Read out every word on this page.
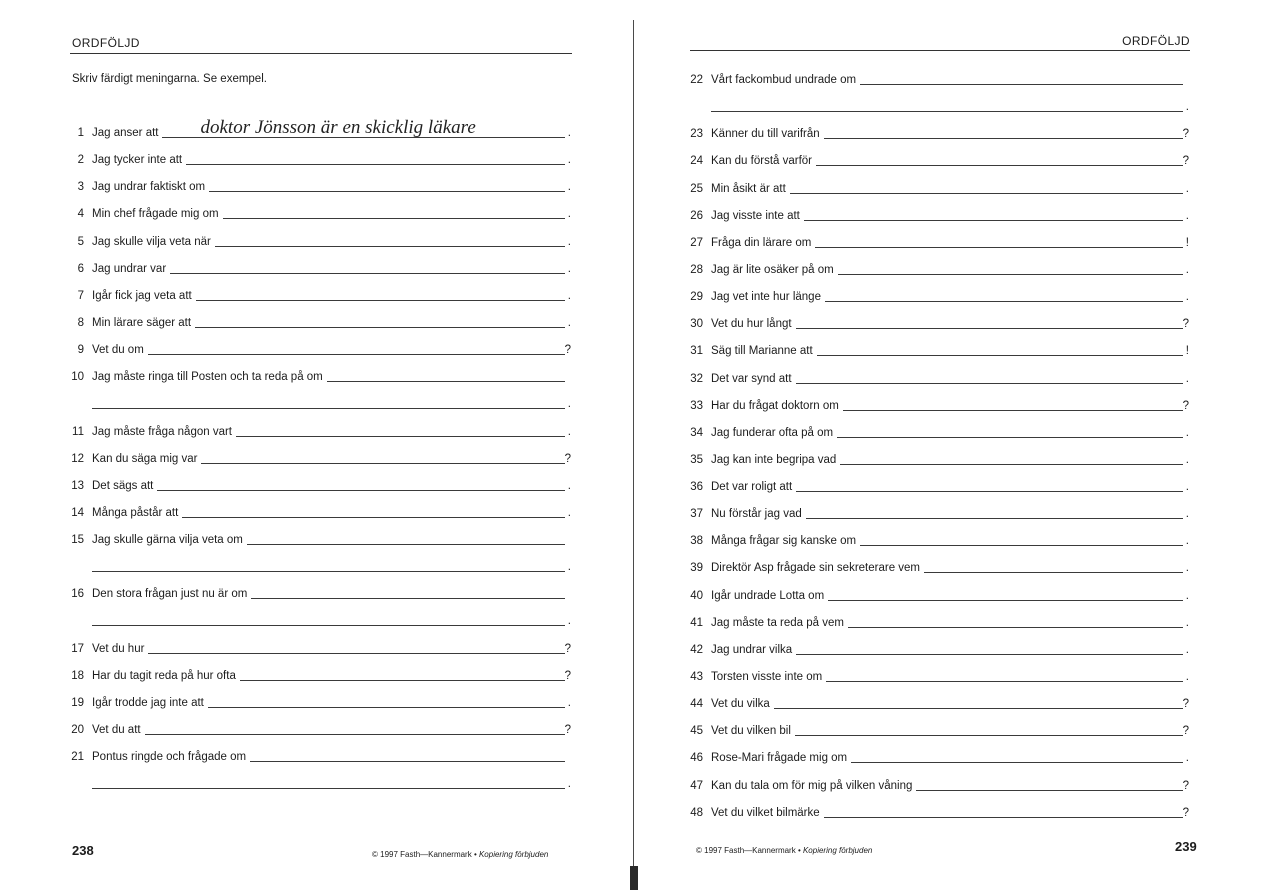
ORDFÖLJD
Skriv färdigt meningarna. Se exempel.
1 Jag anser att doktor Jönsson är en skicklig läkare	.
2 Jag tycker inte att	.
3 Jag undrar faktiskt om	.
4 Min chef frågade mig om	.
5 Jag skulle vilja veta när	.
6 Jag undrar var	.
7 Igår fick jag veta att	.
8 Min lärare säger att	.
9 Vet du om	?
10 Jag måste ringa till Posten och ta reda på om
.
11 Jag måste fråga någon vart	.
12 Kan du säga mig var	?
13 Det sägs att	.
14 Många påstår att	.
15 Jag skulle gärna vilja veta om
.
16 Den stora frågan just nu är om
.
17 Vet du hur	?
18 Har du tagit reda på hur ofta	?
19 Igår trodde jag inte att	.
20 Vet du att	?
21 Pontus ringde och frågade om
.
238	© 1997 Fasth—Kannermark • Kopiering förbjuden
ORDFÖLJD
22 Vårt fackombud undrade om
.
23 Känner du till varifrån	?
24 Kan du förstå varför	?
25 Min åsikt är att	.
26 Jag visste inte att	.
27 Fråga din lärare om	!
28 Jag är lite osäker på om	.
29 Jag vet inte hur länge	.
30 Vet du hur långt	?
31 Säg till Marianne att	!
32 Det var synd att	.
33 Har du frågat doktorn om	?
34 Jag funderar ofta på om	.
35 Jag kan inte begripa vad	.
36 Det var roligt att	.
37 Nu förstår jag vad	.
38 Många frågar sig kanske om	.
39 Direktör Asp frågade sin sekreterare vem	.
40 Igår undrade Lotta om	.
41 Jag måste ta reda på vem	.
42 Jag undrar vilka	.
43 Torsten visste inte om	.
44 Vet du vilka	?
45 Vet du vilken bil	?
46 Rose-Mari frågade mig om	.
47 Kan du tala om för mig på vilken våning	?
48 Vet du vilket bilmärke	?
© 1997 Fasth—Kannermark • Kopiering förbjuden	239
